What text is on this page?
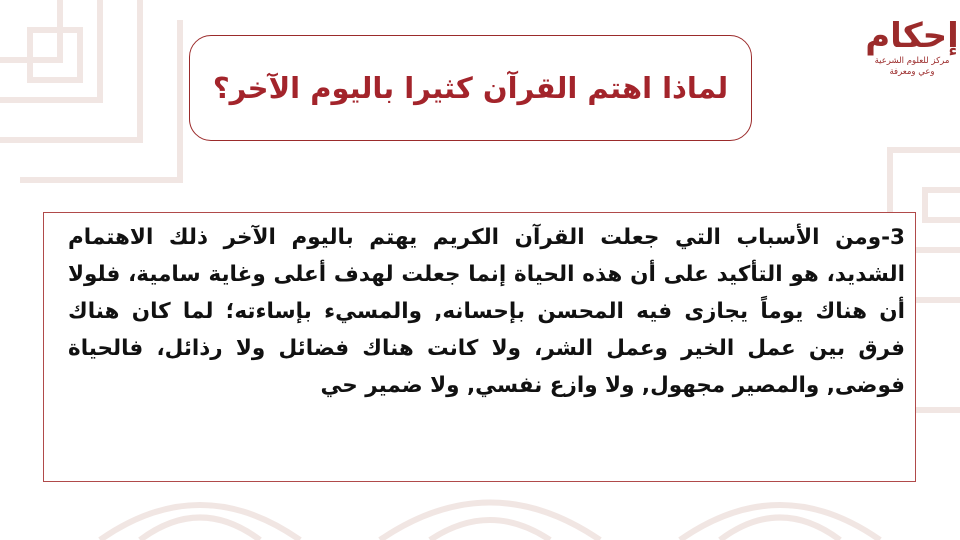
إحكام
مركز للعلوم الشرعية
وعي ومعرفة
لماذا اهتم القرآن كثيرا باليوم الآخر؟

3-ومن الأسباب التي جعلت القرآن الكريم يهتم باليوم الآخر ذلك الاهتمام الشديد، هو التأكيد على أن هذه الحياة إنما جعلت لهدف أعلى وغاية سامية، فلولا أن هناك يوماً يجازى فيه المحسن بإحسانه, والمسيء بإساءته؛ لما كان هناك فرق بين عمل الخير وعمل الشر، ولا كانت هناك فضائل ولا رذائل، فالحياة فوضى, والمصير مجهول, ولا وازع نفسي, ولا ضمير حي
